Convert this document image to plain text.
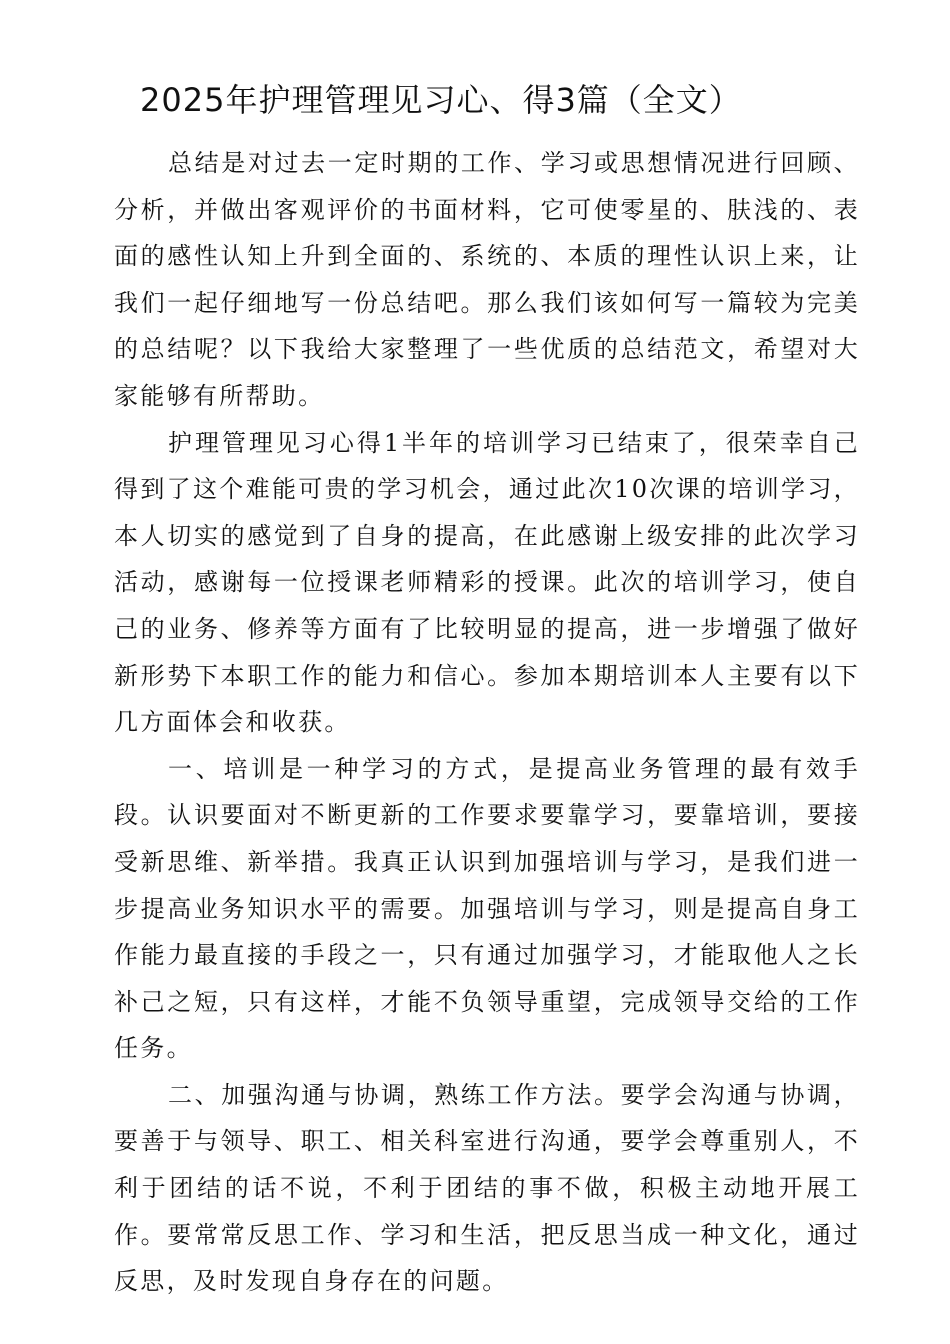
2025年护理管理见习心、得3篇（全文）

总结是对过去一定时期的工作、学习或思想情况进行回顾、分析，并做出客观评价的书面材料，它可使零星的、肤浅的、表面的感性认知上升到全面的、系统的、本质的理性认识上来，让我们一起仔细地写一份总结吧。那么我们该如何写一篇较为完美的总结呢？以下我给大家整理了一些优质的总结范文，希望对大家能够有所帮助。

护理管理见习心得1半年的培训学习已结束了，很荣幸自己得到了这个难能可贵的学习机会，通过此次10次课的培训学习，本人切实的感觉到了自身的提高，在此感谢上级安排的此次学习活动，感谢每一位授课老师精彩的授课。此次的培训学习，使自己的业务、修养等方面有了比较明显的提高，进一步增强了做好新形势下本职工作的能力和信心。参加本期培训本人主要有以下几方面体会和收获。

一、培训是一种学习的方式，是提高业务管理的最有效手段。认识要面对不断更新的工作要求要靠学习，要靠培训，要接受新思维、新举措。我真正认识到加强培训与学习，是我们进一步提高业务知识水平的需要。加强培训与学习，则是提高自身工作能力最直接的手段之一，只有通过加强学习，才能取他人之长补己之短，只有这样，才能不负领导重望，完成领导交给的工作任务。

二、加强沟通与协调，熟练工作方法。要学会沟通与协调，要善于与领导、职工、相关科室进行沟通，要学会尊重别人，不利于团结的话不说，不利于团结的事不做，积极主动地开展工作。要常常反思工作、学习和生活，把反思当成一种文化，通过反思，及时发现自身存在的问题。
